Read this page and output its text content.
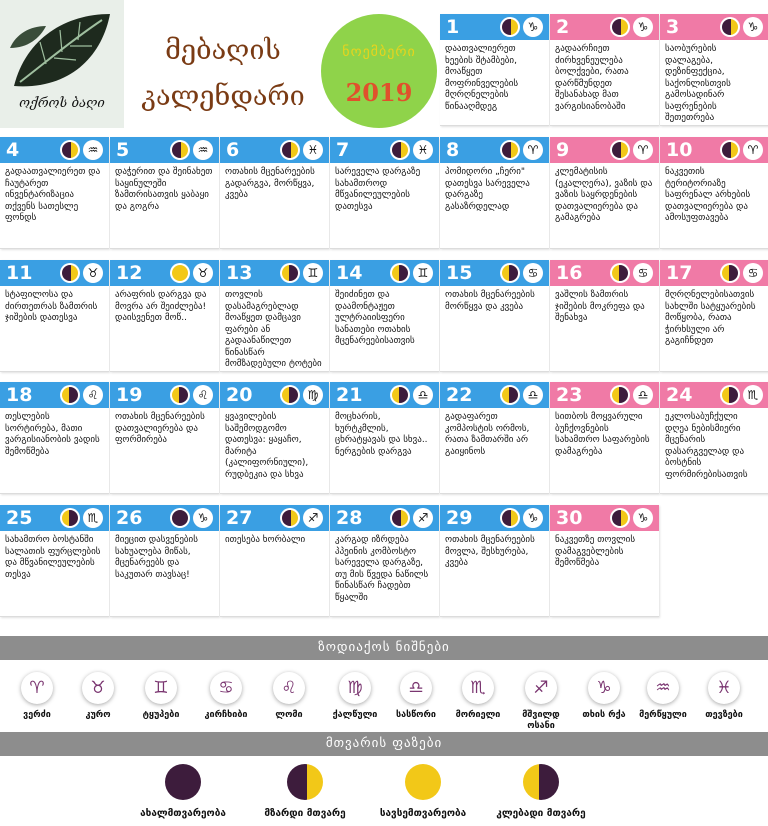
ოქროს ბაღი
მებაღის
კალენდარი
ნოემბერი
2019
1	♑
დაათვალიერეთ ხეების შტამბები, მოაწყეთ მოფრინველების მღრღნელების წინააღმდეგ
2	♑
გადაარჩიეთ ძირხვენეულება ბოლქვები, რათა დარწმუნდეთ შესანახად მათ ვარგისიანობაში
3	♑
საობურების დალაგება, დეზინფექცია, საქონლისთვის გამოსადინარ საფრენების შეთეთრება
4	♒
გადაათვალიერეთ და ჩაუტარეთ ინვენტარიზაცია თქვენს სათესლე ფონდს
5	♒
დაჭერით და შეინახეთ საყინულეში ზამთრისათვის ყაბაყი და გოგრა
6	♓
ოთახის მცენარეების გადარგვა, მორწყვა, კვება
7	♓
სარეველა დარგაზე სახამთროდ მწვანილეულების დათესვა
8	♈
პომიდორი „ჩერი" დათესვა სარეველა დარგაზე გასაზრდელად
9	♈
კლემატისის (ეკალღერა), ვაზის და ვაზის საყრდენების დათვალიერება და გამაგრება
10	♈
ნაკვეთის ტერიტორიაზე საფრენალ არხების დათვალიერება და ამოსუფთავება
11	♉
სტაფილოსა და ძირთეთრას ზამთრის ჯიშების დათესვა
12	♉
არაფრის დარგვა და მოვრა არ შეიძლება! დაისვენეთ მოწ..
13	♊
თოვლის დასამაგრებლად მოაწყეთ დამცავი ფარები ან გადაანაწილეთ წინასწარ მომზადებული ტოტები
14	♊
შეიძინეთ და დაამონტაჟეთ ულტრაიისფერი სანათები ოთახის მცენარეებისათვის
15	♋
ოთახის მცენარეების მორწყვა და კვება
16	♋
ვაშლის ზამთრის ჯიშების მოკრეფა და შენახვა
17	♋
მღრღნელებისათვის სახლში სატყუარების მოწყობა, რათა ჭირხსული არ გაგიჩნდეთ
18	♌
თესლების სორტირება, მათი ვარგისიანობის ვადის შემოწმება
19	♌
ოთახის მცენარეების დათვალიერება და ფორმირება
20	♍
ყვავილების საშემოდგომო დათესვა: ყაყაჩო, მარიტა (კალიფორნიული), რუდბეკია და სხვა
21	♎
მოცხარის, ხურტკმლის, ცხრატყავას და სხვა.. ნერგების დარგვა
22	♎
გადაფარეთ კომპოსტის ორმოს, რათა ზამთარში არ გაიყინოს
23	♎
სითბოს მოყვარული ბუჩქოვნების სახამთრო საფარების დამაგრება
24	♏
ეკლოსაბუჩქული დღეა ნებისმიერი მცენარის დასარგველად და ბოსტნის ფორმირებისათვის
25	♏
სახამთრო ბოსტანში სალათის ფურცლების და მწვანილეულების თესვა
26	♑
მიეცით დასვენების სახუალება მიწას, მცენარეებს და საკუთარ თავსაც!
27	♐
ითესება ხორბალი
28	♐
კარგად იზრდება პპეინის კომბოსტო სარეველა დარგაზე, თუ მის წვედა ნაწილს წინასწარ ჩადებთ წყალში
29	♑
ოთახის მცენარეების მოვლა, შესხურება, კვება
30	♑
ნაკვეთზე თოვლის დამაგვებლების შემოწმება
ზოდიაქოს ნიშნები
♈
ვერძი
♉
კურო
♊
ტყუპები
♋
კირჩხიბი
♌
ლომი
♍
ქალწული
♎
სასწორი
♏
მორიელი
♐
მშვილდ ოსანი
♑
თხის რქა
♒
მერწყული
♓
თევზები
მთვარის ფაზები
ახალმთვარეობა	მზარდი მთვარე	სავსემთვარეობა	კლებადი მთვარე
